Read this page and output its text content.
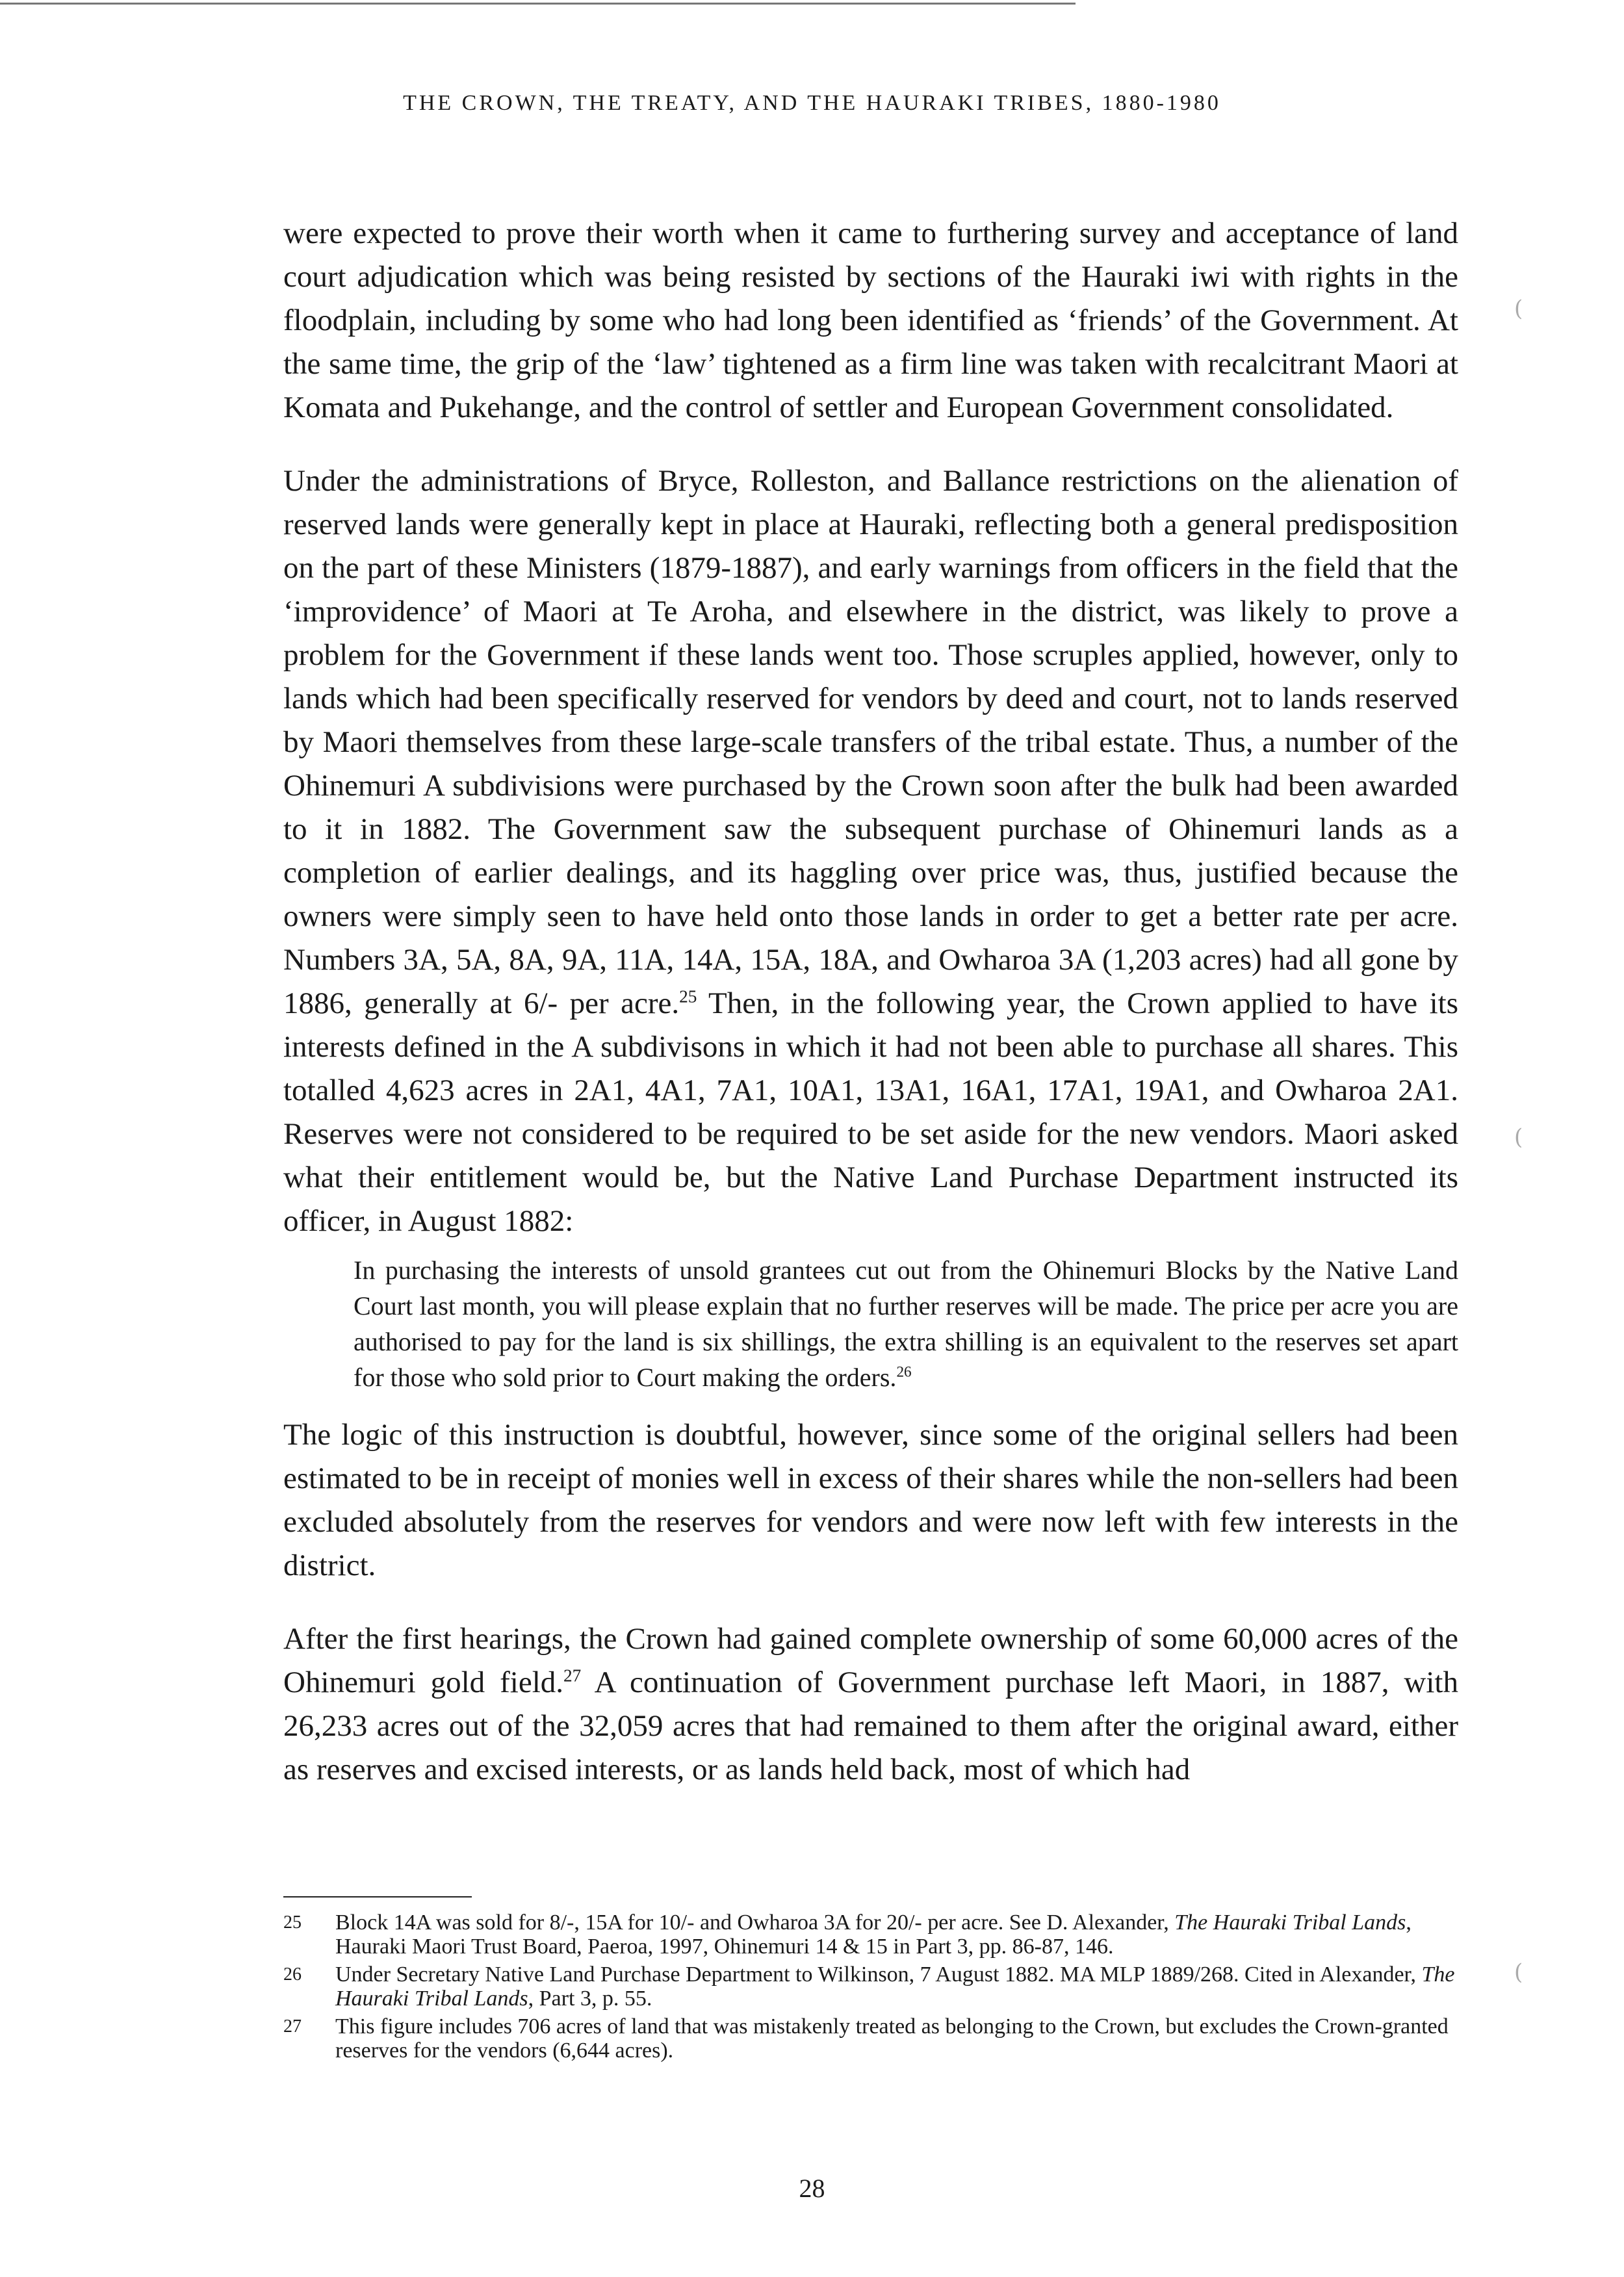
THE CROWN, THE TREATY, AND THE HAURAKI TRIBES, 1880-1980

were expected to prove their worth when it came to furthering survey and acceptance of land court adjudication which was being resisted by sections of the Hauraki iwi with rights in the floodplain, including by some who had long been identified as ‘friends’ of the Government. At the same time, the grip of the ‘law’ tightened as a firm line was taken with recalcitrant Maori at Komata and Pukehange, and the control of settler and European Government consolidated.

Under the administrations of Bryce, Rolleston, and Ballance restrictions on the alienation of reserved lands were generally kept in place at Hauraki, reflecting both a general predisposition on the part of these Ministers (1879-1887), and early warnings from officers in the field that the ‘improvidence’ of Maori at Te Aroha, and elsewhere in the district, was likely to prove a problem for the Government if these lands went too. Those scruples applied, however, only to lands which had been specifically reserved for vendors by deed and court, not to lands reserved by Maori themselves from these large-scale transfers of the tribal estate. Thus, a number of the Ohinemuri A subdivisions were purchased by the Crown soon after the bulk had been awarded to it in 1882. The Government saw the subsequent purchase of Ohinemuri lands as a completion of earlier dealings, and its haggling over price was, thus, justified because the owners were simply seen to have held onto those lands in order to get a better rate per acre. Numbers 3A, 5A, 8A, 9A, 11A, 14A, 15A, 18A, and Owharoa 3A (1,203 acres) had all gone by 1886, generally at 6/- per acre.$^{25}$ Then, in the following year, the Crown applied to have its interests defined in the A subdivisons in which it had not been able to purchase all shares. This totalled 4,623 acres in 2A1, 4A1, 7A1, 10A1, 13A1, 16A1, 17A1, 19A1, and Owharoa 2A1. Reserves were not considered to be required to be set aside for the new vendors. Maori asked what their entitlement would be, but the Native Land Purchase Department instructed its officer, in August 1882:

In purchasing the interests of unsold grantees cut out from the Ohinemuri Blocks by the Native Land Court last month, you will please explain that no further reserves will be made. The price per acre you are authorised to pay for the land is six shillings, the extra shilling is an equivalent to the reserves set apart for those who sold prior to Court making the orders.$^{26}$

The logic of this instruction is doubtful, however, since some of the original sellers had been estimated to be in receipt of monies well in excess of their shares while the non-sellers had been excluded absolutely from the reserves for vendors and were now left with few interests in the district.

After the first hearings, the Crown had gained complete ownership of some 60,000 acres of the Ohinemuri gold field.$^{27}$ A continuation of Government purchase left Maori, in 1887, with 26,233 acres out of the 32,059 acres that had remained to them after the original award, either as reserves and excised interests, or as lands held back, most of which had

25	Block 14A was sold for 8/-, 15A for 10/- and Owharoa 3A for 20/- per acre. See D. Alexander, The Hauraki Tribal Lands, Hauraki Maori Trust Board, Paeroa, 1997, Ohinemuri 14 & 15 in Part 3, pp. 86-87, 146.
26	Under Secretary Native Land Purchase Department to Wilkinson, 7 August 1882. MA MLP 1889/268. Cited in Alexander, The Hauraki Tribal Lands, Part 3, p. 55.
27	This figure includes 706 acres of land that was mistakenly treated as belonging to the Crown, but excludes the Crown-granted reserves for the vendors (6,644 acres).
28
(
(
(
